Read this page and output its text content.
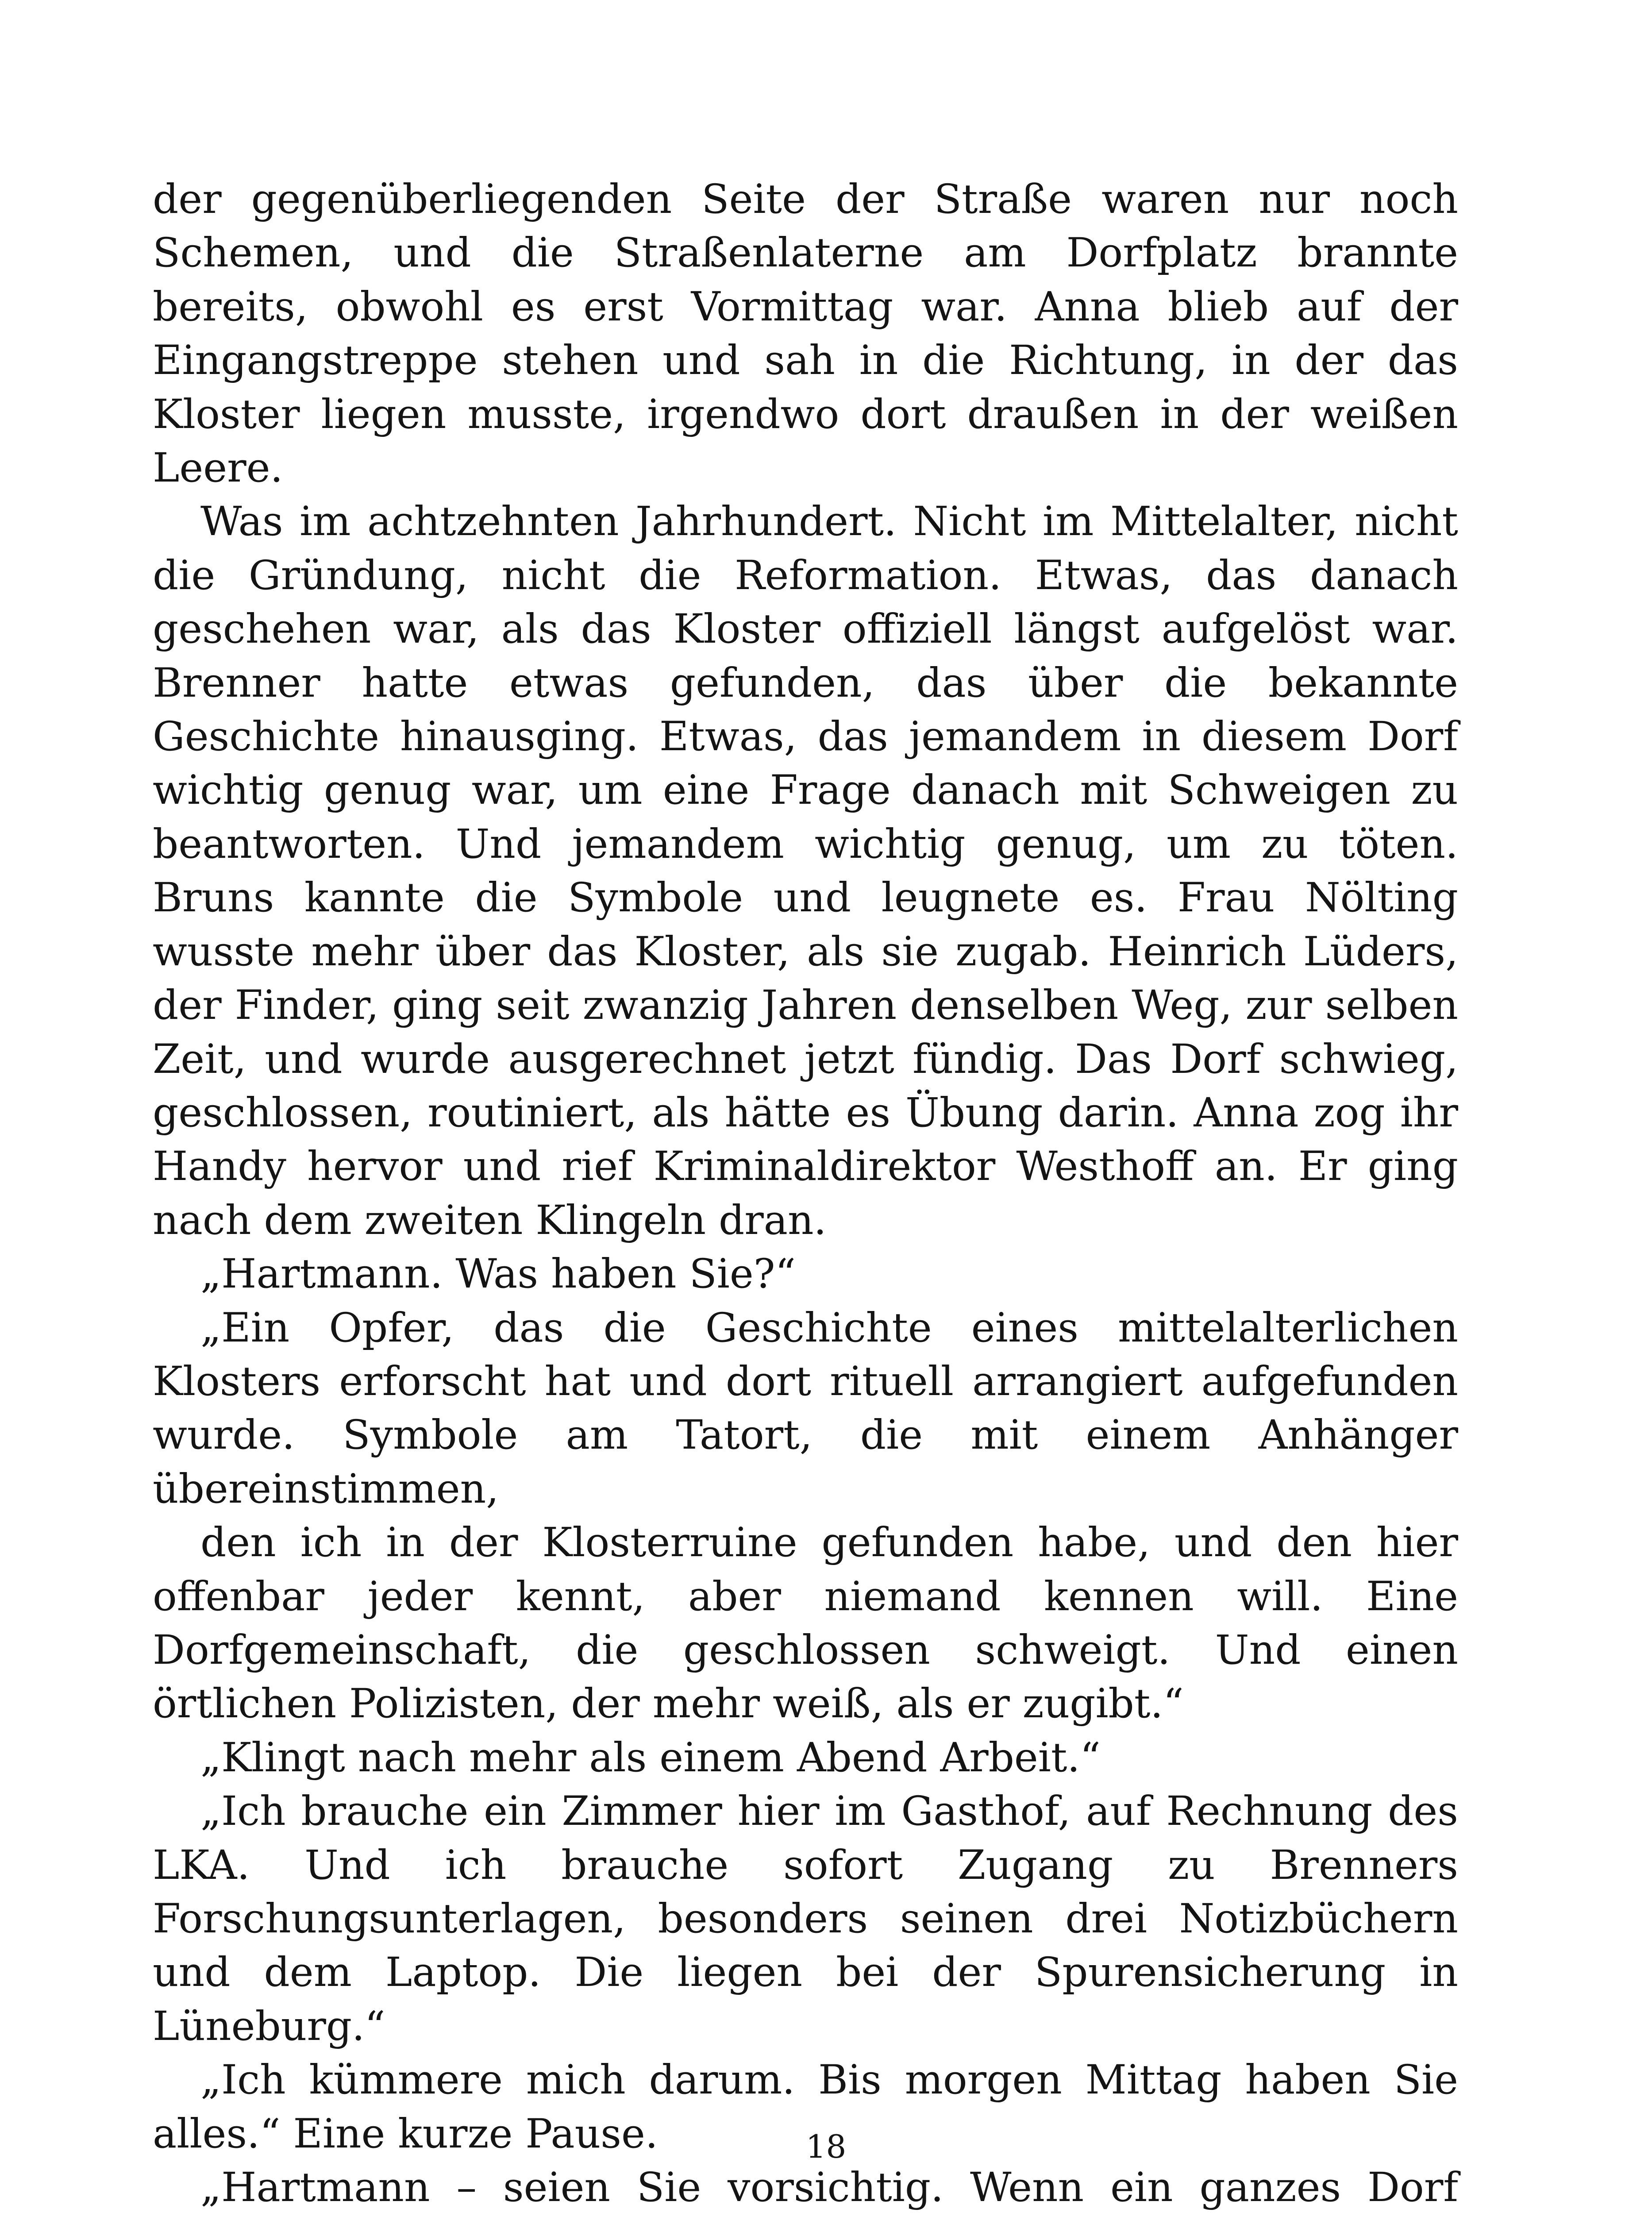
der gegenüberliegenden Seite der Straße waren nur noch Schemen, und die Straßenlaterne am Dorfplatz brannte bereits, obwohl es erst Vormittag war. Anna blieb auf der Eingangstreppe stehen und sah in die Richtung, in der das Kloster liegen musste, irgendwo dort draußen in der weißen Leere.

Was im achtzehnten Jahrhundert. Nicht im Mittelalter, nicht die Gründung, nicht die Reformation. Etwas, das danach geschehen war, als das Kloster offiziell längst aufgelöst war. Brenner hatte etwas gefunden, das über die bekannte Geschichte hinausging. Etwas, das jemandem in diesem Dorf wichtig genug war, um eine Frage danach mit Schweigen zu beantworten. Und jemandem wichtig genug, um zu töten. Bruns kannte die Symbole und leugnete es. Frau Nölting wusste mehr über das Kloster, als sie zugab. Heinrich Lüders, der Finder, ging seit zwanzig Jahren denselben Weg, zur selben Zeit, und wurde ausgerechnet jetzt fündig. Das Dorf schwieg, geschlossen, routiniert, als hätte es Übung darin. Anna zog ihr Handy hervor und rief Kriminaldirektor Westhoff an. Er ging nach dem zweiten Klingeln dran.

„Hartmann. Was haben Sie?“

„Ein Opfer, das die Geschichte eines mittelalterlichen Klosters erforscht hat und dort rituell arrangiert aufgefunden wurde. Symbole am Tatort, die mit einem Anhänger übereinstimmen,

den ich in der Klosterruine gefunden habe, und den hier offenbar jeder kennt, aber niemand kennen will. Eine Dorfgemeinschaft, die geschlossen schweigt. Und einen örtlichen Polizisten, der mehr weiß, als er zugibt.“

„Klingt nach mehr als einem Abend Arbeit.“

„Ich brauche ein Zimmer hier im Gasthof, auf Rechnung des LKA. Und ich brauche sofort Zugang zu Brenners Forschungsunterlagen, besonders seinen drei Notizbüchern und dem Laptop. Die liegen bei der Spurensicherung in Lüneburg.“

„Ich kümmere mich darum. Bis morgen Mittag haben Sie alles.“ Eine kurze Pause.

„Hartmann – seien Sie vorsichtig. Wenn ein ganzes Dorf

18
